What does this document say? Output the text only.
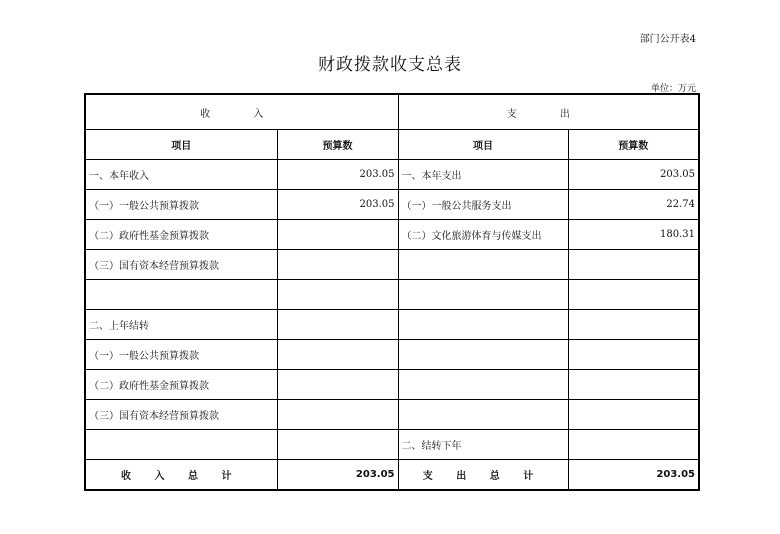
部门公开表4
财政拨款收支总表
单位：万元
收 入		支 出	
项目	预算数	项目	预算数
一、本年收入	203.05	一、本年支出	203.05
（一）一般公共预算拨款	203.05	（一）一般公共服务支出	22.74
（二）政府性基金预算拨款		（二）文化旅游体育与传媒支出	180.31
（三）国有资本经营预算拨款			

二、上年结转			
（一）一般公共预算拨款			
（二）政府性基金预算拨款			
（三）国有资本经营预算拨款			
		二、结转下年	
收 入 总 计	203.05	支 出 总 计	203.05
